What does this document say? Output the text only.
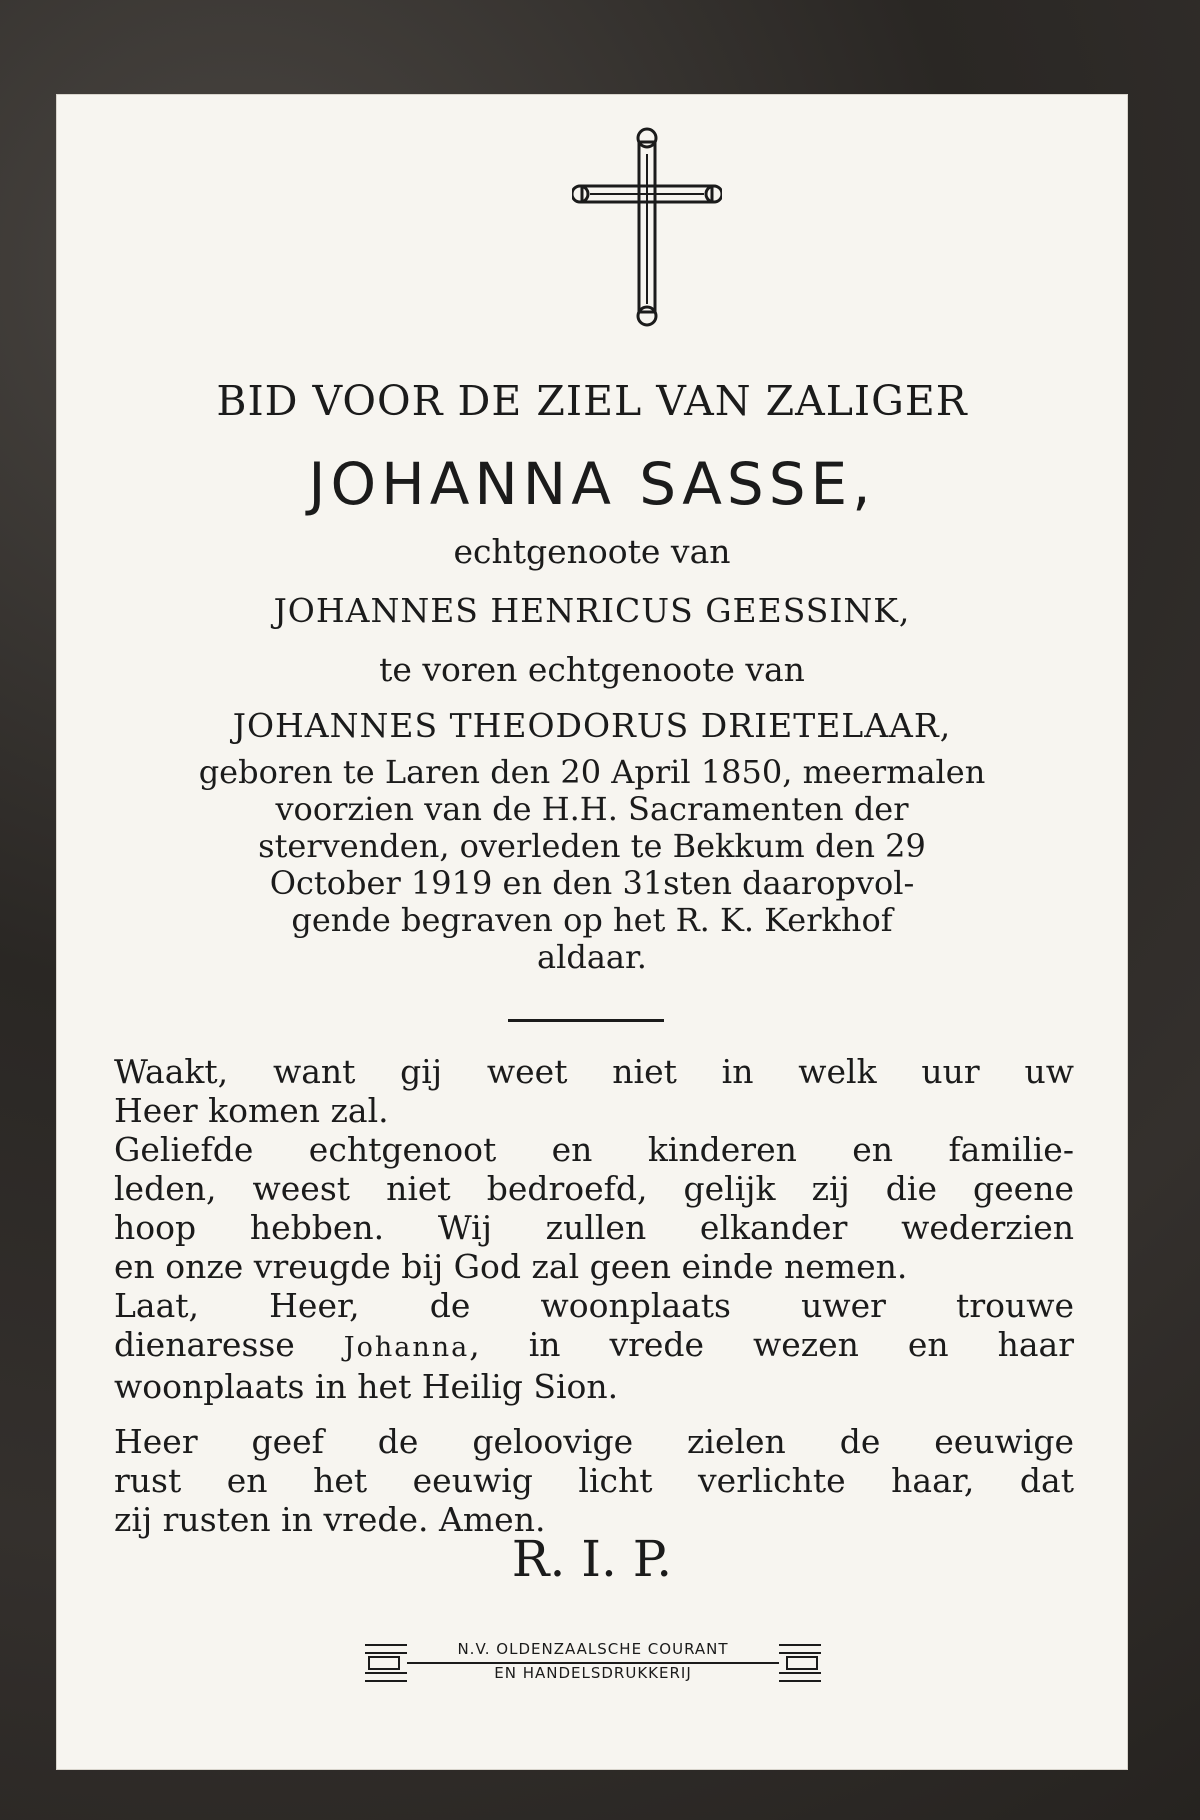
BID VOOR DE ZIEL VAN ZALIGER
JOHANNA SASSE,
echtgenoote van
JOHANNES HENRICUS GEESSINK,
te voren echtgenoote van
JOHANNES THEODORUS DRIETELAAR,
geboren te Laren den 20 April 1850, meermalen
voorzien van de H.H. Sacramenten der
stervenden, overleden te Bekkum den 29
October 1919 en den 31sten daaropvol-
gende begraven op het R. K. Kerkhof
aldaar.
Waakt, want gij weet niet in welk uur uw
Heer komen zal.
Geliefde echtgenoot en kinderen en familie-
leden, weest niet bedroefd, gelijk zij die geene
hoop hebben. Wij zullen elkander wederzien
en onze vreugde bij God zal geen einde nemen.
Laat, Heer, de woonplaats uwer trouwe
dienaresse Johanna, in vrede wezen en haar
woonplaats in het Heilig Sion.
Heer geef de geloovige zielen de eeuwige
rust en het eeuwig licht verlichte haar, dat
zij rusten in vrede. Amen.
R. I. P.
N.V. OLDENZAALSCHE COURANT
EN HANDELSDRUKKERIJ
